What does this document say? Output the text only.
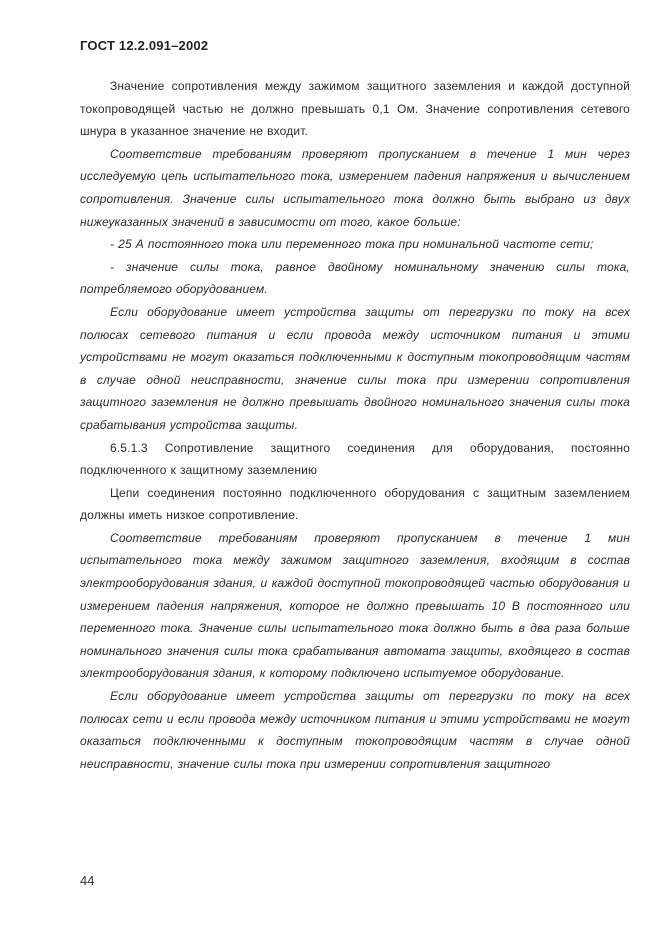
ГОСТ 12.2.091–2002

Значение сопротивления между зажимом защитного заземления и каждой доступной токопроводящей частью не должно превышать 0,1 Ом. Значение сопротивления сетевого шнура в указанное значение не входит.

Соответствие требованиям проверяют пропусканием в течение 1 мин через исследуемую цепь испытательного тока, измерением падения напряжения и вычислением сопротивления. Значение силы испытательного тока должно быть выбрано из двух нижеуказанных значений в зависимости от того, какое больше:

- 25 А постоянного тока или переменного тока при номинальной частоте сети;

- значение силы тока, равное двойному номинальному значению силы тока, потребляемого оборудованием.

Если оборудование имеет устройства защиты от перегрузки по току на всех полюсах сетевого питания и если провода между источником питания и этими устройствами не могут оказаться подключенными к доступным токопроводящим частям в случае одной неисправности, значение силы тока при измерении сопротивления защитного заземления не должно превышать двойного номинального значения силы тока срабатывания устройства защиты.

6.5.1.3 Сопротивление защитного соединения для оборудования, постоянно подключенного к защитному заземлению

Цепи соединения постоянно подключенного оборудования с защитным заземлением должны иметь низкое сопротивление.

Соответствие требованиям проверяют пропусканием в течение 1 мин испытательного тока между зажимом защитного заземления, входящим в состав электрооборудования здания, и каждой доступной токопроводящей частью оборудования и измерением падения напряжения, которое не должно превышать 10 В постоянного или переменного тока. Значение силы испытательного тока должно быть в два раза больше номинального значения силы тока срабатывания автомата защиты, входящего в состав электрооборудования здания, к которому подключено испытуемое оборудование.

Если оборудование имеет устройства защиты от перегрузки по току на всех полюсах сети и если провода между источником питания и этими устройствами не могут оказаться подключенными к доступным токопроводящим частям в случае одной неисправности, значение силы тока при измерении сопротивления защитного

44
